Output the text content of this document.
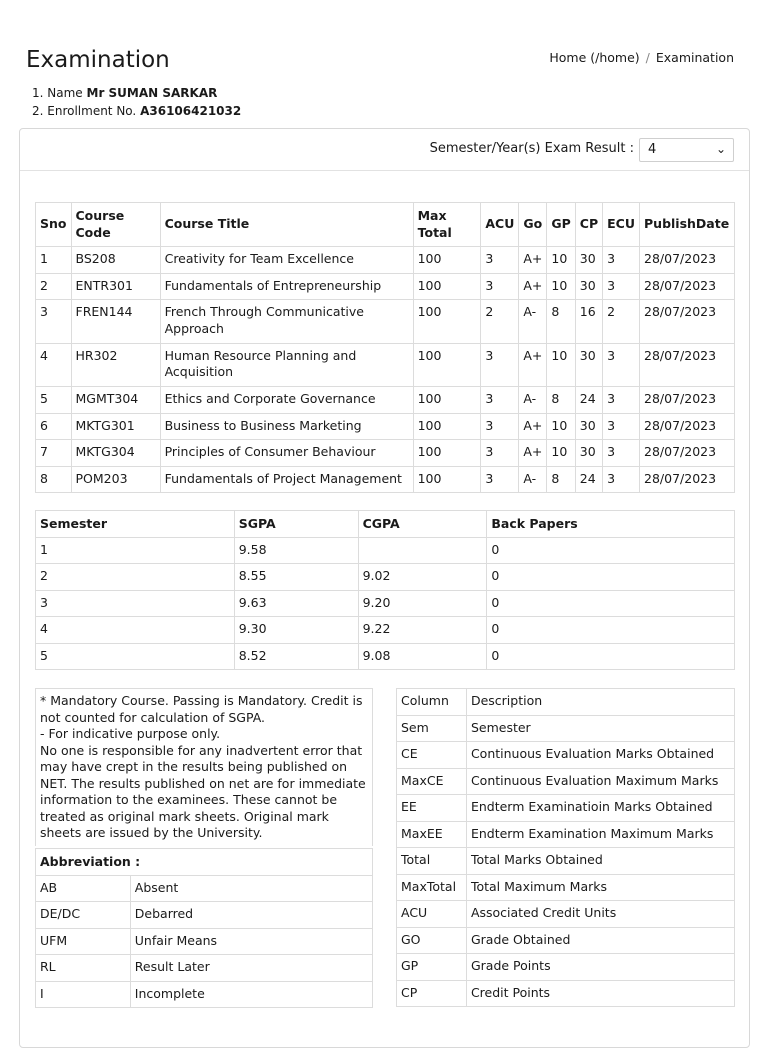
Examination	Home (/home) / Examination
1. Name Mr SUMAN SARKAR
2. Enrollment No. A36106421032
Semester/Year(s) Exam Result :	4	⌄
Sno	Course Code	Course Title	Max Total	ACU	Go	GP	CP	ECU	PublishDate
1	BS208	Creativity for Team Excellence	100	3	A+	10	30	3	28/07/2023
2	ENTR301	Fundamentals of Entrepreneurship	100	3	A+	10	30	3	28/07/2023
3	FREN144	French Through Communicative Approach	100	2	A-	8	16	2	28/07/2023
4	HR302	Human Resource Planning and Acquisition	100	3	A+	10	30	3	28/07/2023
5	MGMT304	Ethics and Corporate Governance	100	3	A-	8	24	3	28/07/2023
6	MKTG301	Business to Business Marketing	100	3	A+	10	30	3	28/07/2023
7	MKTG304	Principles of Consumer Behaviour	100	3	A+	10	30	3	28/07/2023
8	POM203	Fundamentals of Project Management	100	3	A-	8	24	3	28/07/2023
Semester	SGPA	CGPA	Back Papers
1	9.58		0
2	8.55	9.02	0
3	9.63	9.20	0
4	9.30	9.22	0
5	8.52	9.08	0
* Mandatory Course. Passing is Mandatory. Credit is not counted for calculation of SGPA.
- For indicative purpose only.
No one is responsible for any inadvertent error that may have crept in the results being published on NET. The results published on net are for immediate information to the examinees. These cannot be treated as original mark sheets. Original mark sheets are issued by the University.
Abbreviation :	
AB	Absent
DE/DC	Debarred
UFM	Unfair Means
RL	Result Later
I	Incomplete
Column	Description
Sem	Semester
CE	Continuous Evaluation Marks Obtained
MaxCE	Continuous Evaluation Maximum Marks
EE	Endterm Examinatioin Marks Obtained
MaxEE	Endterm Examination Maximum Marks
Total	Total Marks Obtained
MaxTotal	Total Maximum Marks
ACU	Associated Credit Units
GO	Grade Obtained
GP	Grade Points
CP	Credit Points
